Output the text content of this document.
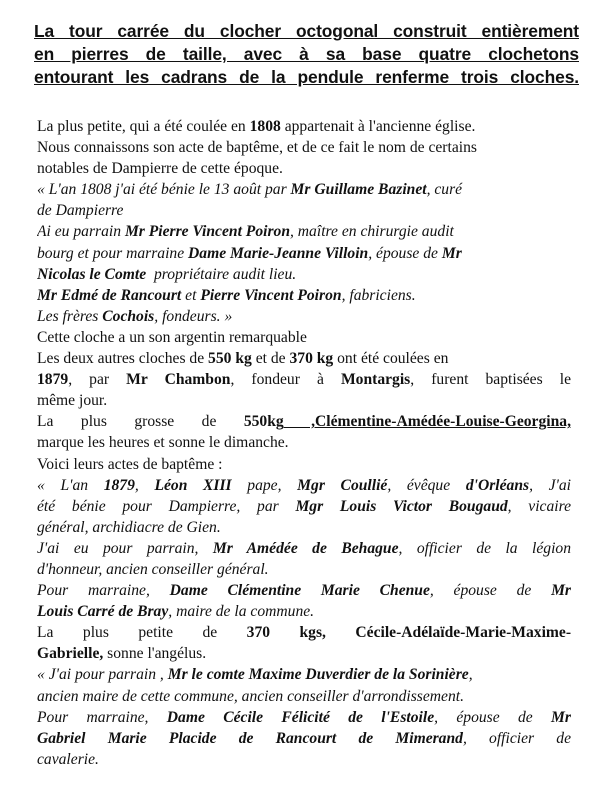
La tour carrée du clocher octogonal construit entièrement
en pierres de taille, avec à sa base quatre clochetons
entourant les cadrans de la pendule renferme trois cloches.
La plus petite, qui a été coulée en 1808 appartenait à l'ancienne église.
Nous connaissons son acte de baptême, et de ce fait le nom de certains
notables de Dampierre de cette époque.
« L'an 1808 j'ai été bénie le 13 août par Mr Guillame Bazinet, curé
de Dampierre
Ai eu parrain Mr Pierre Vincent Poiron, maître en chirurgie audit
bourg et pour marraine Dame Marie-Jeanne Villoin, épouse de Mr
Nicolas le Comte  propriétaire audit lieu.
Mr Edmé de Rancourt et Pierre Vincent Poiron, fabriciens.
Les frères Cochois, fondeurs. »
Cette cloche a un son argentin remarquable
Les deux autres cloches de 550 kg et de 370 kg ont été coulées en
1879, par Mr Chambon, fondeur à Montargis, furent baptisées le
même jour.
La plus grosse de 550kg ,Clémentine-Amédée-Louise-Georgina,
marque les heures et sonne le dimanche.
Voici leurs actes de baptême :
« L'an 1879, Léon XIII pape, Mgr Coullié, évêque d'Orléans, J'ai
été bénie pour Dampierre, par Mgr Louis Victor Bougaud, vicaire
général, archidiacre de Gien.
J'ai eu pour parrain, Mr Amédée de Behague, officier de la légion
d'honneur, ancien conseiller général.
Pour marraine, Dame Clémentine Marie Chenue, épouse de Mr
Louis Carré de Bray, maire de la commune.
La plus petite de 370 kgs, Cécile-Adélaïde-Marie-Maxime-
Gabrielle, sonne l'angélus.
« J'ai pour parrain , Mr le comte Maxime Duverdier de la Sorinière,
ancien maire de cette commune, ancien conseiller d'arrondissement.
Pour marraine, Dame Cécile Félicité de l'Estoile, épouse de Mr
Gabriel Marie Placide de Rancourt de Mimerand, officier de
cavalerie.
